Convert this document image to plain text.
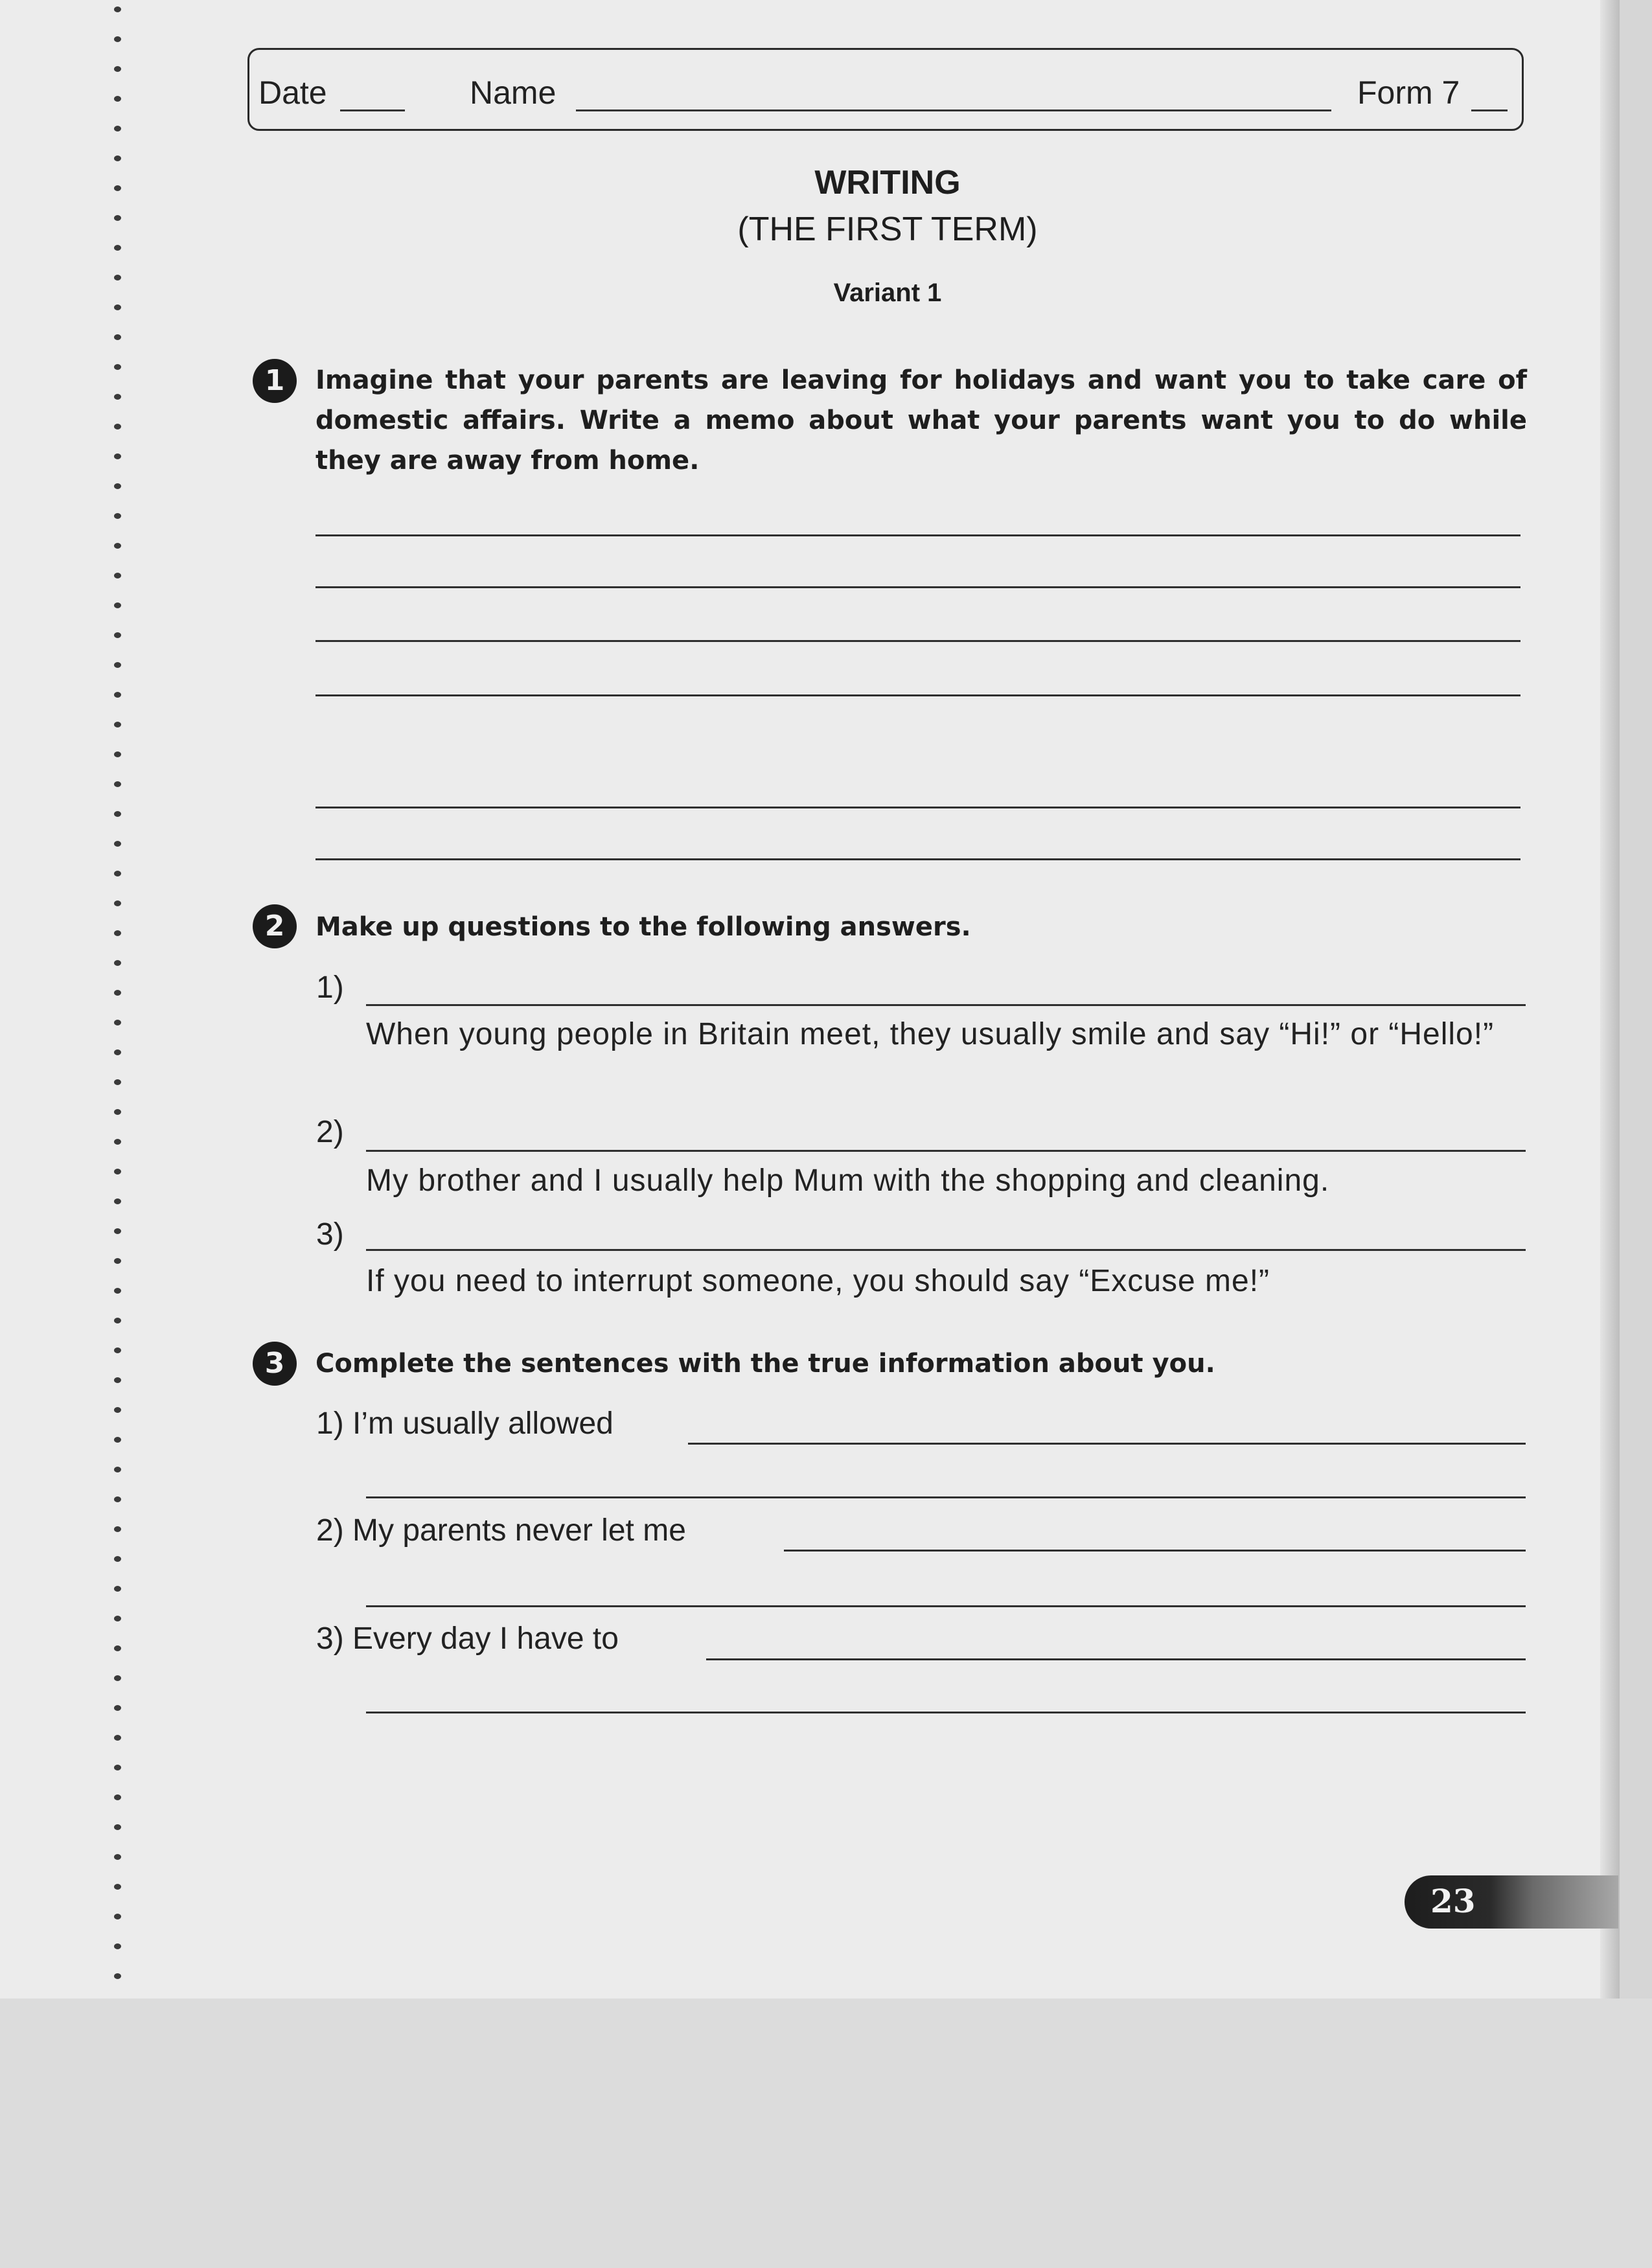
Date	Name	Form 7
WRITING
(THE FIRST TERM)
Variant 1
1	Imagine that your parents are leaving for holidays and want you to take care of domestic affairs. Write a memo about what your parents want you to do while they are away from home.
2	Make up questions to the following answers.
1)
When young people in Britain meet, they usually smile and say “Hi!” or “Hello!”
2)
My brother and I usually help Mum with the shopping and cleaning.
3)
If you need to interrupt someone, you should say “Excuse me!”
3	Complete the sentences with the true information about you.
1) I’m usually allowed
2) My parents never let me
3) Every day I have to
23
